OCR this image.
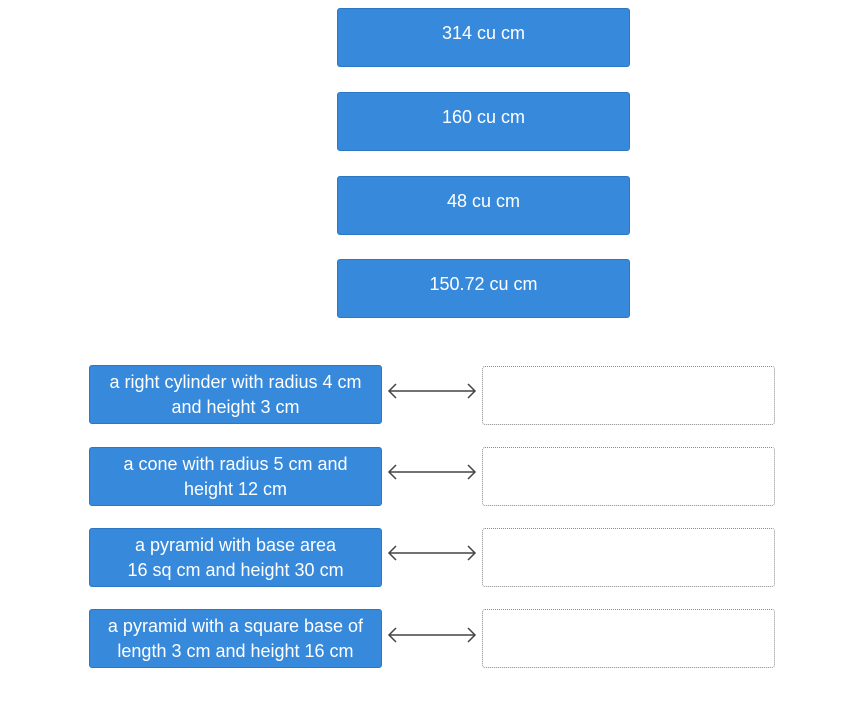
314 cu cm
160 cu cm
48 cu cm
150.72 cu cm
a right cylinder with radius 4 cm
and height 3 cm
a cone with radius 5 cm and
height 12 cm
a pyramid with base area
16 sq cm and height 30 cm
a pyramid with a square base of
length 3 cm and height 16 cm
